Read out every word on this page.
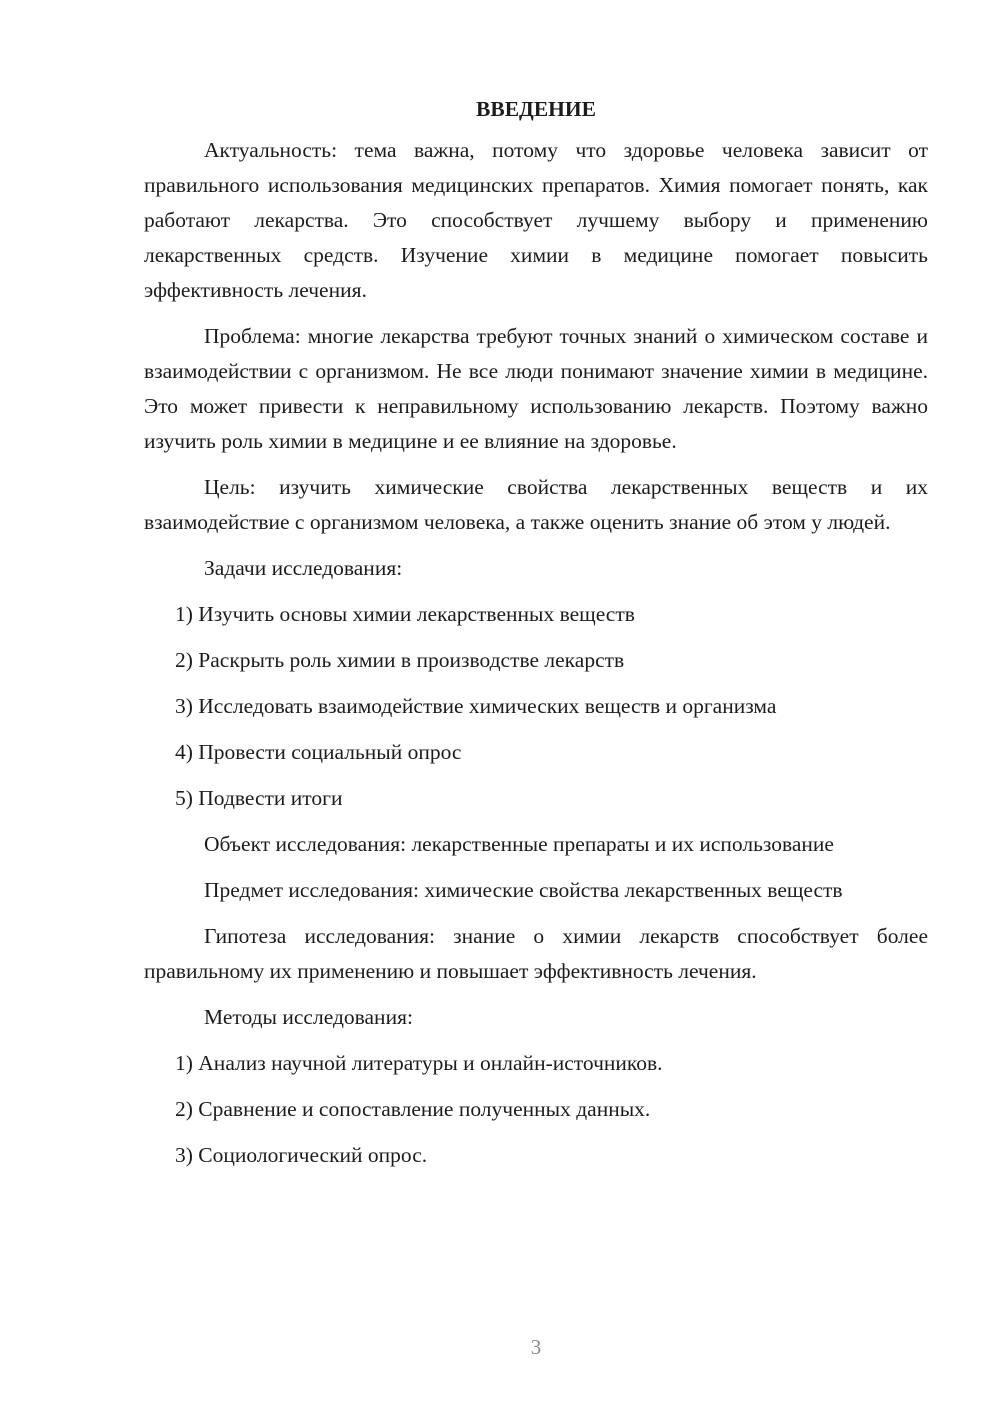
ВВЕДЕНИЕ

Актуальность: тема важна, потому что здоровье человека зависит от правильного использования медицинских препаратов. Химия помогает понять, как работают лекарства. Это способствует лучшему выбору и применению лекарственных средств. Изучение химии в медицине помогает повысить эффективность лечения.

Проблема: многие лекарства требуют точных знаний о химическом составе и взаимодействии с организмом. Не все люди понимают значение химии в медицине. Это может привести к неправильному использованию лекарств. Поэтому важно изучить роль химии в медицине и ее влияние на здоровье.

Цель: изучить химические свойства лекарственных веществ и их взаимодействие с организмом человека, а также оценить знание об этом у людей.

Задачи исследования:

1) Изучить основы химии лекарственных веществ
2) Раскрыть роль химии в производстве лекарств
3) Исследовать взаимодействие химических веществ и организма
4) Провести социальный опрос
5) Подвести итоги

Объект исследования: лекарственные препараты и их использование

Предмет исследования: химические свойства лекарственных веществ

Гипотеза исследования: знание о химии лекарств способствует более правильному их применению и повышает эффективность лечения.

Методы исследования:

1) Анализ научной литературы и онлайн-источников.
2) Сравнение и сопоставление полученных данных.
3) Социологический опрос.
3
